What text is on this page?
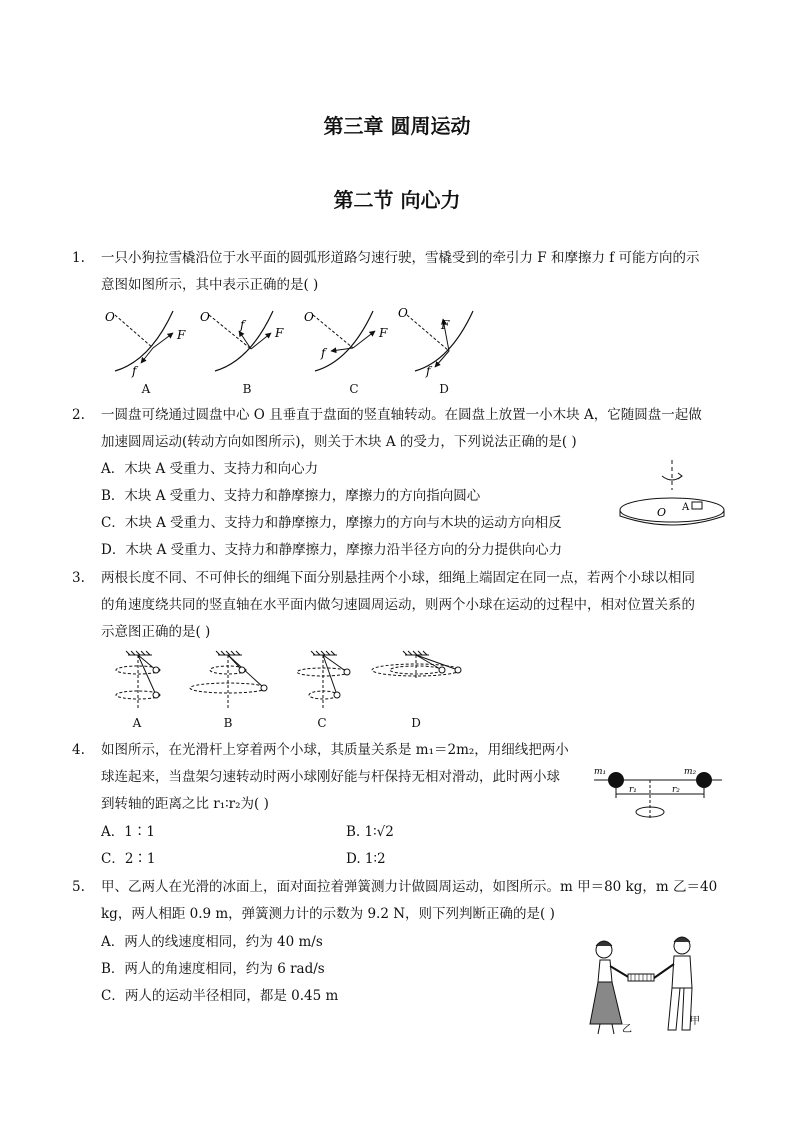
第三章 圆周运动
第二节 向心力
1. 一只小狗拉雪橇沿位于水平面的圆弧形道路匀速行驶，雪橇受到的牵引力 F 和摩擦力 f 可能方向的示
意图如图所示，其中表示正确的是( )
O
F
f
O
F
f
O
F
f
O
F
f
A	B	C	D
2. 一圆盘可绕通过圆盘中心 O 且垂直于盘面的竖直轴转动。在圆盘上放置一小木块 A，它随圆盘一起做
加速圆周运动(转动方向如图所示)，则关于木块 A 的受力，下列说法正确的是( )
A．木块 A 受重力、支持力和向心力
B．木块 A 受重力、支持力和静摩擦力，摩擦力的方向指向圆心
C．木块 A 受重力、支持力和静摩擦力，摩擦力的方向与木块的运动方向相反
D．木块 A 受重力、支持力和静摩擦力，摩擦力沿半径方向的分力提供向心力
O A
3. 两根长度不同、不可伸长的细绳下面分别悬挂两个小球，细绳上端固定在同一点，若两个小球以相同
的角速度绕共同的竖直轴在水平面内做匀速圆周运动，则两个小球在运动的过程中，相对位置关系的
示意图正确的是( )
A	B	C	D
4. 如图所示，在光滑杆上穿着两个小球，其质量关系是 m₁＝2m₂，用细线把两小
球连起来，当盘架匀速转动时两小球刚好能与杆保持无相对滑动，此时两小球
到转轴的距离之比 r₁∶r₂为( )
A．1∶1	B. 1∶√2
C．2∶1	D. 1∶2
m₁	m₂
r₁	r₂
5. 甲、乙两人在光滑的冰面上，面对面拉着弹簧测力计做圆周运动，如图所示。m 甲＝80 kg，m 乙＝40
kg，两人相距 0.9 m，弹簧测力计的示数为 9.2 N，则下列判断正确的是( )
A．两人的线速度相同，约为 40 m/s
B．两人的角速度相同，约为 6 rad/s
C．两人的运动半径相同，都是 0.45 m
乙
甲
